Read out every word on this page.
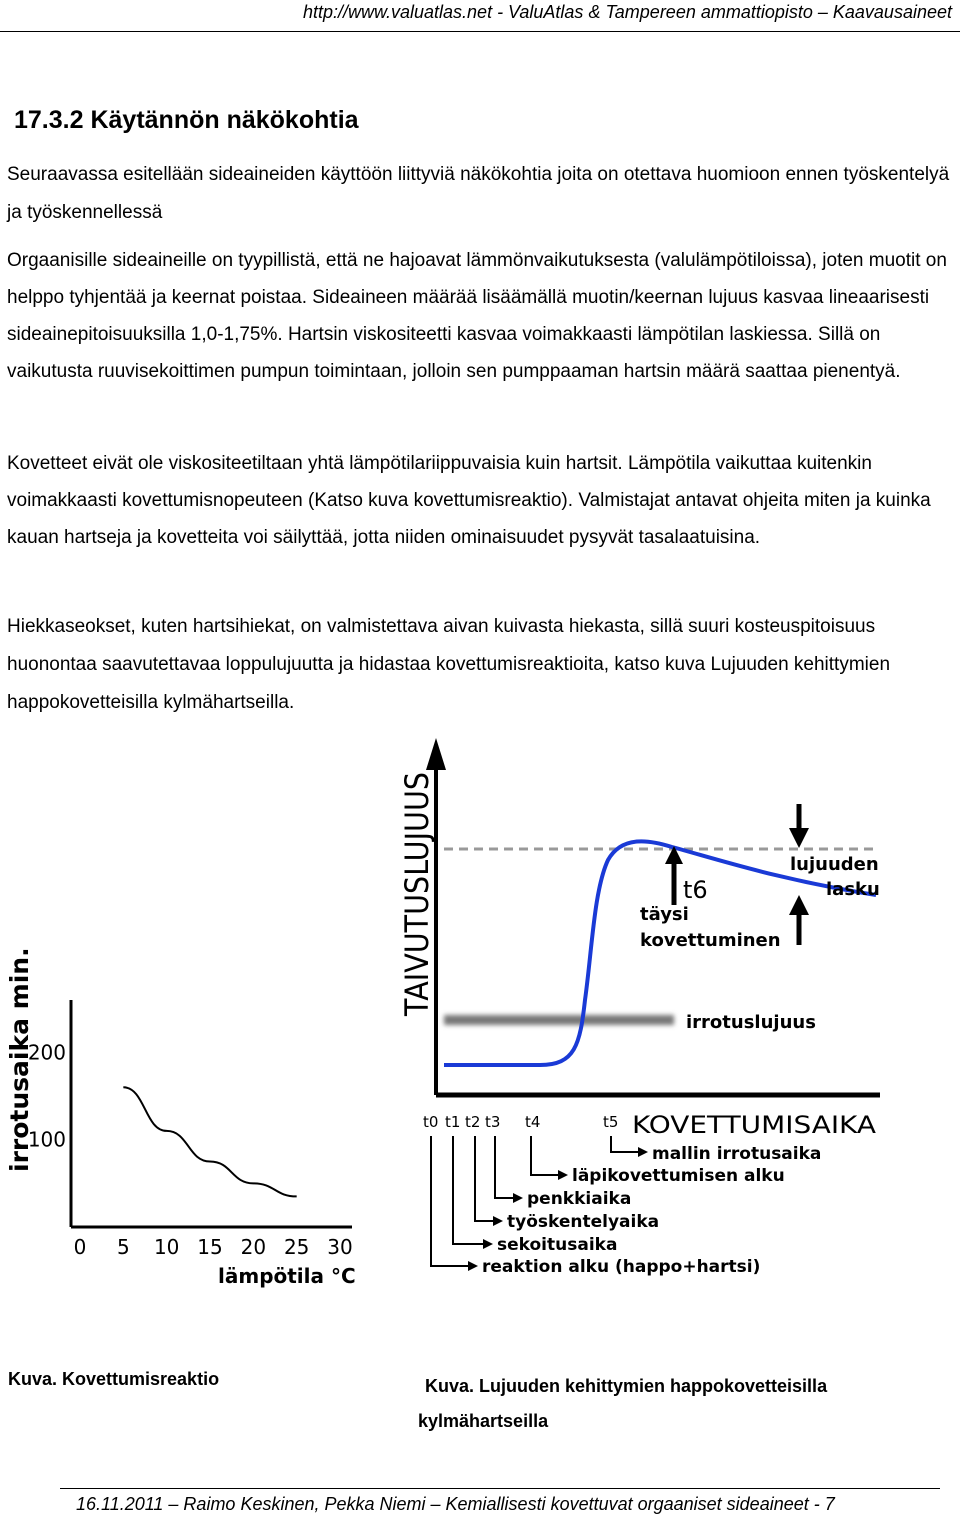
http://www.valuatlas.net - ValuAtlas & Tampereen ammattiopisto – Kaavausaineet
17.3.2 Käytännön näkökohtia

Seuraavassa esitellään sideaineiden käyttöön liittyviä näkökohtia joita on otettava huomioon ennen työskentelyä ja työskennellessä

Orgaanisille sideaineille on tyypillistä, että ne hajoavat lämmönvaikutuksesta (valulämpötiloissa), joten muotit on helppo tyhjentää ja keernat poistaa. Sideaineen määrää lisäämällä muotin/keernan lujuus kasvaa lineaarisesti sideainepitoisuuksilla 1,0-1,75%. Hartsin viskositeetti kasvaa voimakkaasti lämpötilan laskiessa. Sillä on vaikutusta ruuvisekoittimen pumpun toimintaan, jolloin sen pumppaaman hartsin määrä saattaa pienentyä.

Kovetteet eivät ole viskositeetiltaan yhtä lämpötilariippuvaisia kuin hartsit. Lämpötila vaikuttaa kuitenkin voimakkaasti kovettumisnopeuteen (Katso kuva kovettumisreaktio). Valmistajat antavat ohjeita miten ja kuinka kauan hartseja ja kovetteita voi säilyttää, jotta niiden ominaisuudet pysyvät tasalaatuisina.

Hiekkaseokset, kuten hartsihiekat, on valmistettava aivan kuivasta hiekasta, sillä suuri kosteuspitoisuus huonontaa saavutettavaa loppulujuutta ja hidastaa kovettumisreaktioita, katso kuva Lujuuden kehittymien happokovetteisilla kylmähartseilla.

0 5 10 15 20 25 30
100
200
irrotusaika min.
lämpötila °C
TAIVUTUSLUJUUS
irrotuslujuus
t6
täysi kovettuminen
lujuuden
lasku
t0 t1 t2 t3 t4	t5 KOVETTUMISAIKA
mallin irrotusaika
läpikovettumisen alku
penkkiaika
työskentelyaika
sekoitusaika
reaktion alku (happo+hartsi)
Kuva. Kovettumisreaktio	Kuva. Lujuuden kehittymien happokovetteisilla kylmähartseilla
16.11.2011 – Raimo Keskinen, Pekka Niemi – Kemiallisesti kovettuvat orgaaniset sideaineet - 7
